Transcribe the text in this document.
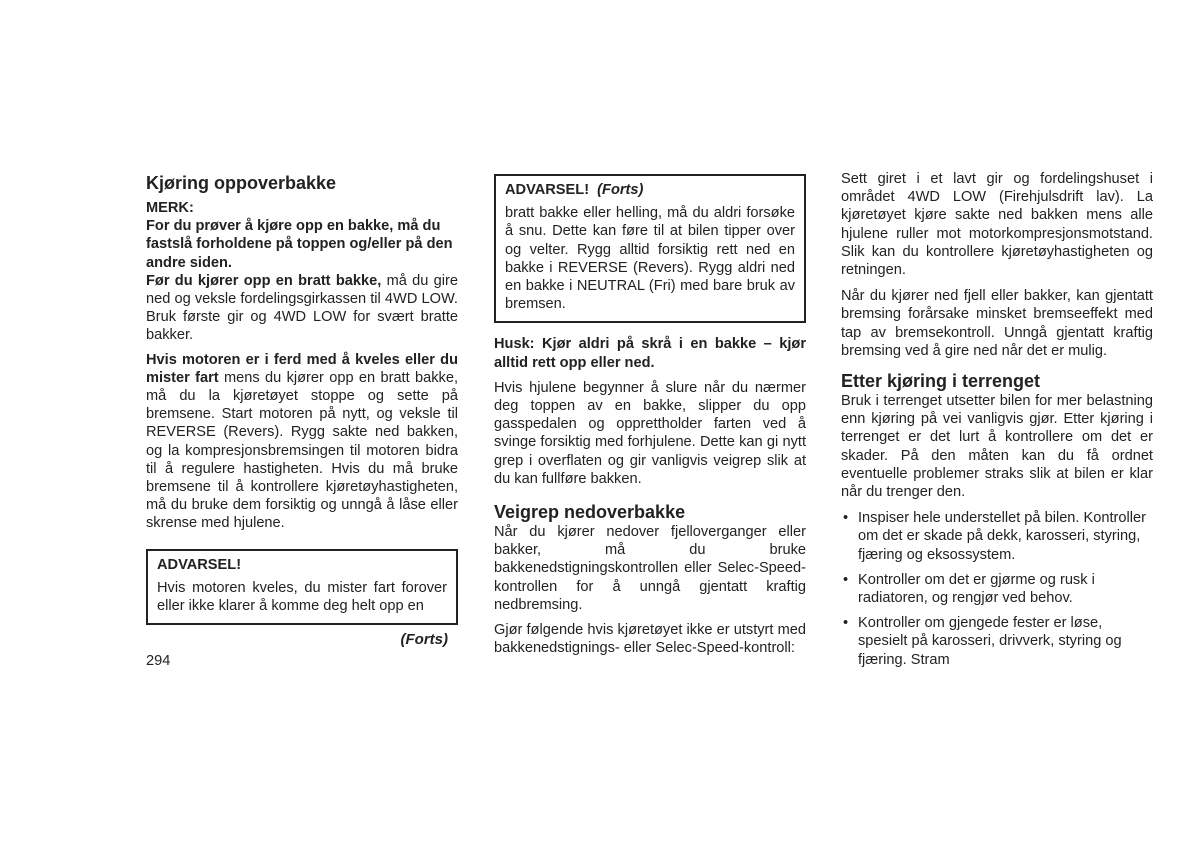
Kjøring oppoverbakke

MERK:

For du prøver å kjøre opp en bakke, må du fastslå forholdene på toppen og/eller på den andre siden.

Før du kjører opp en bratt bakke, må du gire ned og veksle fordelingsgirkassen til 4WD LOW. Bruk første gir og 4WD LOW for svært bratte bakker.

Hvis motoren er i ferd med å kveles eller du mister fart mens du kjører opp en bratt bakke, må du la kjøretøyet stoppe og sette på bremsene. Start motoren på nytt, og veksle til REVERSE (Revers). Rygg sakte ned bakken, og la kompresjonsbremsingen til motoren bidra til å regulere hastigheten. Hvis du må bruke bremsene til å kontrollere kjøretøyhastigheten, må du bruke dem forsiktig og unngå å låse eller skrense med hjulene.

ADVARSEL!

Hvis motoren kveles, du mister fart forover eller ikke klarer å komme deg helt opp en

(Forts)
ADVARSEL! (Forts)

bratt bakke eller helling, må du aldri forsøke å snu. Dette kan føre til at bilen tipper over og velter. Rygg alltid forsiktig rett ned en bakke i REVERSE (Revers). Rygg aldri ned en bakke i NEUTRAL (Fri) med bare bruk av bremsen.

Husk: Kjør aldri på skrå i en bakke – kjør alltid rett opp eller ned.

Hvis hjulene begynner å slure når du nærmer deg toppen av en bakke, slipper du opp gasspedalen og opprettholder farten ved å svinge forsiktig med forhjulene. Dette kan gi nytt grep i overflaten og gir vanligvis veigrep slik at du kan fullføre bakken.

Veigrep nedoverbakke

Når du kjører nedover fjellovergange​r eller bakker, må du bruke bakkenedstigningskontrollen eller Selec-Speed-kontrollen for å unngå gjentatt kraftig nedbremsing.

Gjør følgende hvis kjøretøyet ikke er utstyrt med bakkenedstignings- eller Selec-Speed-kontroll:

Sett giret i et lavt gir og fordelingshuset i område​t 4WD LOW (Firehjulsdrift lav). La kjøretøyet kjøre sakte ned bakken mens alle hjulene ruller mot motorkompresjonsmotstand. Slik kan du kontrollere kjøretøyhastigheten og retningen.

Når du kjører ned fjell eller bakker, kan gjentatt bremsing forårsake minsket bremseeffekt med tap av bremsekontroll. Unngå gjentatt kraftig bremsing ved å gire ned når det er mulig.

Etter kjøring i terrenget

Bruk i terrenget utsetter bilen for mer belastning enn kjøring på vei vanligvis gjør. Etter kjøring i terrenget er det lurt å kontrollere om det er skader. På den måten kan du få ordnet eventuelle problemer straks slik at bilen er klar når du trenger den.

• Inspiser hele understellet på bilen. Kontroller om det er skade på dekk, karosseri, styring, fjæring og eksossystem.
• Kontroller om det er gjørme og rusk i radiatoren, og rengjør ved behov.
• Kontroller om gjengede fester er løse, spesielt på karosseri, drivverk, styring og fjæring. Stram
294
